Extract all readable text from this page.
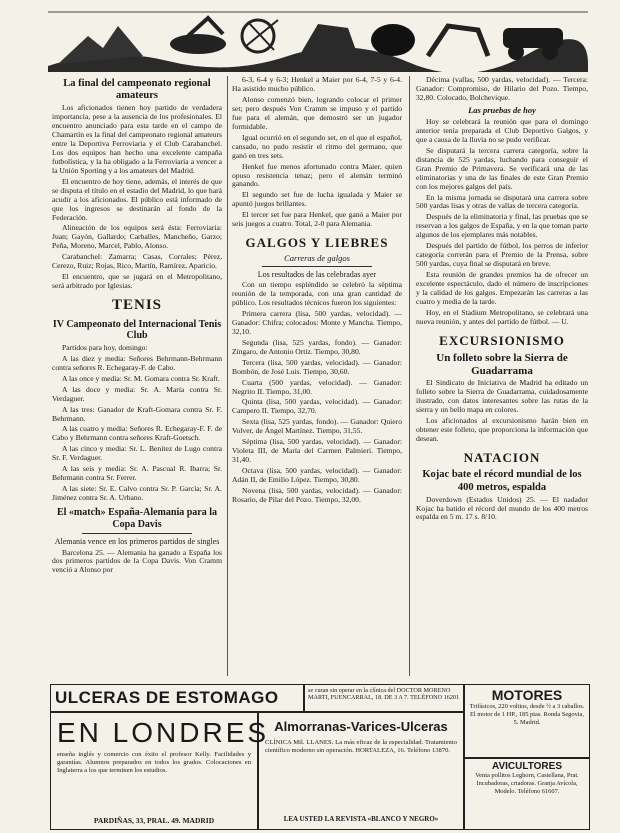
La final del campeonato regional amateurs
Los aficionados tienen hoy partido de verdadera importancia, pese a la ausencia de los profesionales. El encuentro anunciado para esta tarde en el campo de Chamartín es la final del campeonato regional amateurs entre la Deportiva Ferroviaria y el Club Carabanchel. Los dos equipos han hecho una excelente campaña futbolística, y la ha obligado a la Ferroviaria a vencer a la Unión Sporting y a los amateurs del Madrid.
El encuentro de hoy tiene, además, el interés de que se disputa el título en el estadio del Madrid, lo que hará acudir a los aficionados. El público está informado de que los ingresos se destinarán al fondo de la Federación.
Alineación de los equipos será ésta: Ferroviaria: Juan; Gayón, Gallardo; Carballes, Mancheño, Garzo; Peña, Moreno, Marcel, Pablo, Alonso.
Carabanchel: Zamarra; Casas, Corrales; Pérez, Cerezo, Ruiz; Rojas, Rico, Martín, Ramírez, Aparicio.
El encuentro, que se jugará en el Metropolitano, será arbitrado por Iglesias.
TENIS
IV Campeonato del Internacional Tenis Club
Partidos para hoy, domingo:
A las diez y media: Señores Behrmann-Behrmann contra señores R. Echegaray-F. de Cabo.
A las once y media: Sr. M. Gomara contra Sr. Kraft.
A las doce y media: Sr. A. María contra Sr. Verdaguer.
A las tres: Ganador de Kraft-Gomara contra Sr. F. Behrmann.
A las cuatro y media: Señores R. Echegaray-F. F. de Cabo y Behrmann contra señores Kraft-Goetsch.
A las cinco y media: Sr. L. Benítez de Lugo contra Sr. F. Verdaguer.
A las seis y media: Sr. A. Pascual R. Ibarra; Sr. Behrmann contra Sr. Ferrer.
A las siete: Sr. E. Calvo contra Sr. P. García; Sr. A. Jiménez contra Sr. A. Urbano.
El «match» España-Alemania para la Copa Davis
Alemania vence en los primeros partidos de singles
Barcelona 25. — Alemania ha ganado a España los dos primeros partidos de la Copa Davis. Von Cramm venció a Alonso por
6-3, 6-4 y 6-3; Henkel a Maier por 6-4, 7-5 y 6-4. Ha asistido mucho público.
Alonso comenzó bien, logrando colocar el primer set; pero después Von Cramm se impuso y el partido fue para el alemán, que demostró ser un jugador formidable.
Igual ocurrió en el segundo set, en el que el español, cansado, no pudo resistir el ritmo del germano, que ganó en tres sets.
Henkel fue menos afortunado contra Maier, quien opuso resistencia tenaz; pero el alemán terminó ganando.
El segundo set fue de lucha igualada y Maier se apuntó juegos brillantes.
El tercer set fue para Henkel, que ganó a Maier por seis juegos a cuatro. Total, 2-0 para Alemania.
GALGOS Y LIEBRES
Carreras de galgos
Los resultados de las celebradas ayer
Con un tiempo espléndido se celebró la séptima reunión de la temporada, con una gran cantidad de público. Los resultados técnicos fueron los siguientes:
Primera carrera (lisa, 500 yardas, velocidad). — Ganador: Chifra; colocados: Monte y Mancha. Tiempo, 32,10.
Segunda (lisa, 525 yardas, fondo). — Ganador: Zíngaro, de Antonio Ortiz. Tiempo, 30,80.
Tercera (lisa, 500 yardas, velocidad). — Ganador: Bombón, de José Luis. Tiempo, 30,60.
Cuarta (500 yardas, velocidad). — Ganador: Negrito II. Tiempo, 31,00.
Quinta (lisa, 500 yardas, velocidad). — Ganador: Campero II. Tiempo, 32,70.
Sexta (lisa, 525 yardas, fondo). — Ganador: Quiero Volver, de Ángel Martínez. Tiempo, 31,55.
Séptima (lisa, 500 yardas, velocidad). — Ganador: Violeta III, de María del Carmen Palmieri. Tiempo, 31,40.
Octava (lisa, 500 yardas, velocidad). — Ganador: Adán II, de Emilio López. Tiempo, 30,80.
Novena (lisa, 500 yardas, velocidad). — Ganador: Rosario, de Pilar del Pozo. Tiempo, 32,00.
Décima (vallas, 500 yardas, velocidad). — Tercera: Ganador: Compromiso, de Hilario del Pozo. Tiempo, 32,80. Colocado, Bolchevique.
Las pruebas de hoy
Hoy se celebrará la reunión que para el domingo anterior tenía preparada el Club Deportivo Galgos, y que a causa de la lluvia no se pudo verificar.
Se disputará la tercera carrera categoría, sobre la distancia de 525 yardas, luchando para conseguir el Gran Premio de Primavera. Se verificará una de las eliminatorias y una de las finales de este Gran Premio con los mejores galgos del país.
En la misma jornada se disputará una carrera sobre 500 yardas lisas y otras de vallas de tercera categoría.
Después de la eliminatoria y final, las pruebas que se reservan a los galgos de España, y en la que toman parte algunos de los ejemplares más notables.
Después del partido de fútbol, los perros de inferior categoría correrán para el Premio de la Prensa, sobre 500 yardas, cuya final se disputará en breve.
Esta reunión de grandes premios ha de ofrecer un excelente espectáculo, dado el número de inscripciones y la calidad de los galgos. Empezarán las carreras a las cuatro y media de la tarde.
Hoy, en el Stadium Metropolitano, se celebrará una nueva reunión, y antes del partido de fútbol. — U.
EXCURSIONISMO
Un folleto sobre la Sierra de Guadarrama
El Sindicato de Iniciativa de Madrid ha editado un folleto sobre la Sierra de Guadarrama, cuidadosamente ilustrado, con datos interesantes sobre las rutas de la sierra y un bello mapa en colores.
Los aficionados al excursionismo harán bien en obtener este folleto, que proporciona la información que desean.
NATACION
Kojac bate el récord mundial de los 400 metros, espalda
Doverdown (Estados Unidos) 25. — El nadador Kojac ha batido el récord del mundo de los 400 metros espalda en 5 m. 17 s. 8/10.
ULCERAS DE ESTOMAGO	se curan sin operar en la clínica del DOCTOR MORENO MARTI, FUENCARRAL, 18. DE 3 A 7. TELÉFONO 16201
EN LONDRES
enseña inglés y comercio con éxito el profesor Kelly. Facilidades y garantías. Alumnos preparados en todos los grados. Colocaciones en Inglaterra a los que terminen los estudios.
PARDIÑAS, 33, PRAL. 49. MADRID
Almorranas-Varices-Ulceras
CLÍNICA Mil. LLANES. La más eficaz de la especialidad. Tratamiento científico moderno sin operación. HORTALEZA, 16. Teléfono 13870.
LEA USTED LA REVISTA «BLANCO Y NEGRO»
MOTORES
Trifásicos, 220 voltios, desde ½ a 3 caballos. El motor de 1 HP., 185 ptas. Ronda Segovia, 5. Madrid.
AVICULTORES
Venta pollitos Leghorn, Castellana, Prat. Incubadoras, criadoras. Granja Avícola, Modelo. Teléfono 61607.
